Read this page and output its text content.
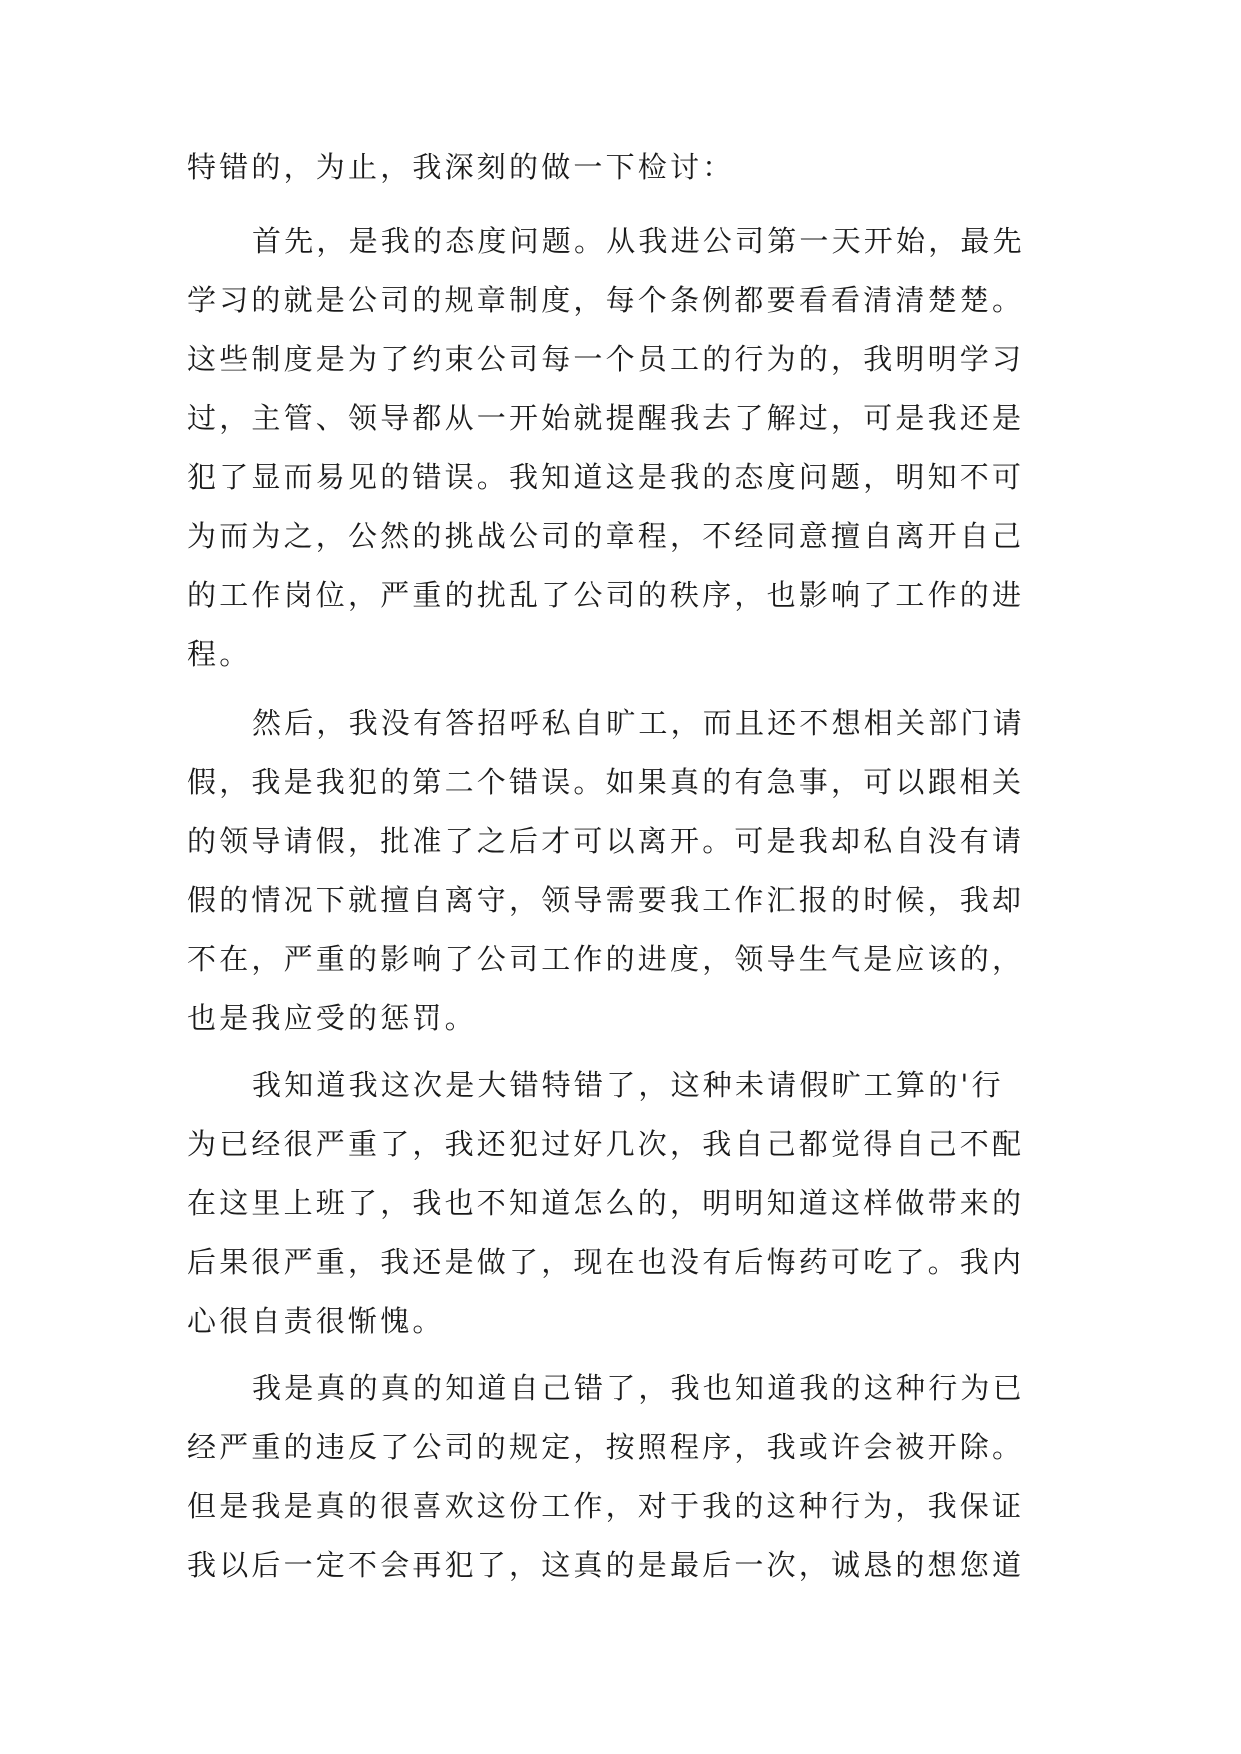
特错的，为止，我深刻的做一下检讨：
首先，是我的态度问题。从我进公司第一天开始，最先
学习的就是公司的规章制度，每个条例都要看看清清楚楚。
这些制度是为了约束公司每一个员工的行为的，我明明学习
过，主管、领导都从一开始就提醒我去了解过，可是我还是
犯了显而易见的错误。我知道这是我的态度问题，明知不可
为而为之，公然的挑战公司的章程，不经同意擅自离开自己
的工作岗位，严重的扰乱了公司的秩序，也影响了工作的进
程。
然后，我没有答招呼私自旷工，而且还不想相关部门请
假，我是我犯的第二个错误。如果真的有急事，可以跟相关
的领导请假，批准了之后才可以离开。可是我却私自没有请
假的情况下就擅自离守，领导需要我工作汇报的时候，我却
不在，严重的影响了公司工作的进度，领导生气是应该的，
也是我应受的惩罚。
我知道我这次是大错特错了，这种未请假旷工算的'行
为已经很严重了，我还犯过好几次，我自己都觉得自己不配
在这里上班了，我也不知道怎么的，明明知道这样做带来的
后果很严重，我还是做了，现在也没有后悔药可吃了。我内
心很自责很惭愧。
我是真的真的知道自己错了，我也知道我的这种行为已
经严重的违反了公司的规定，按照程序，我或许会被开除。
但是我是真的很喜欢这份工作，对于我的这种行为，我保证
我以后一定不会再犯了，这真的是最后一次，诚恳的想您道
